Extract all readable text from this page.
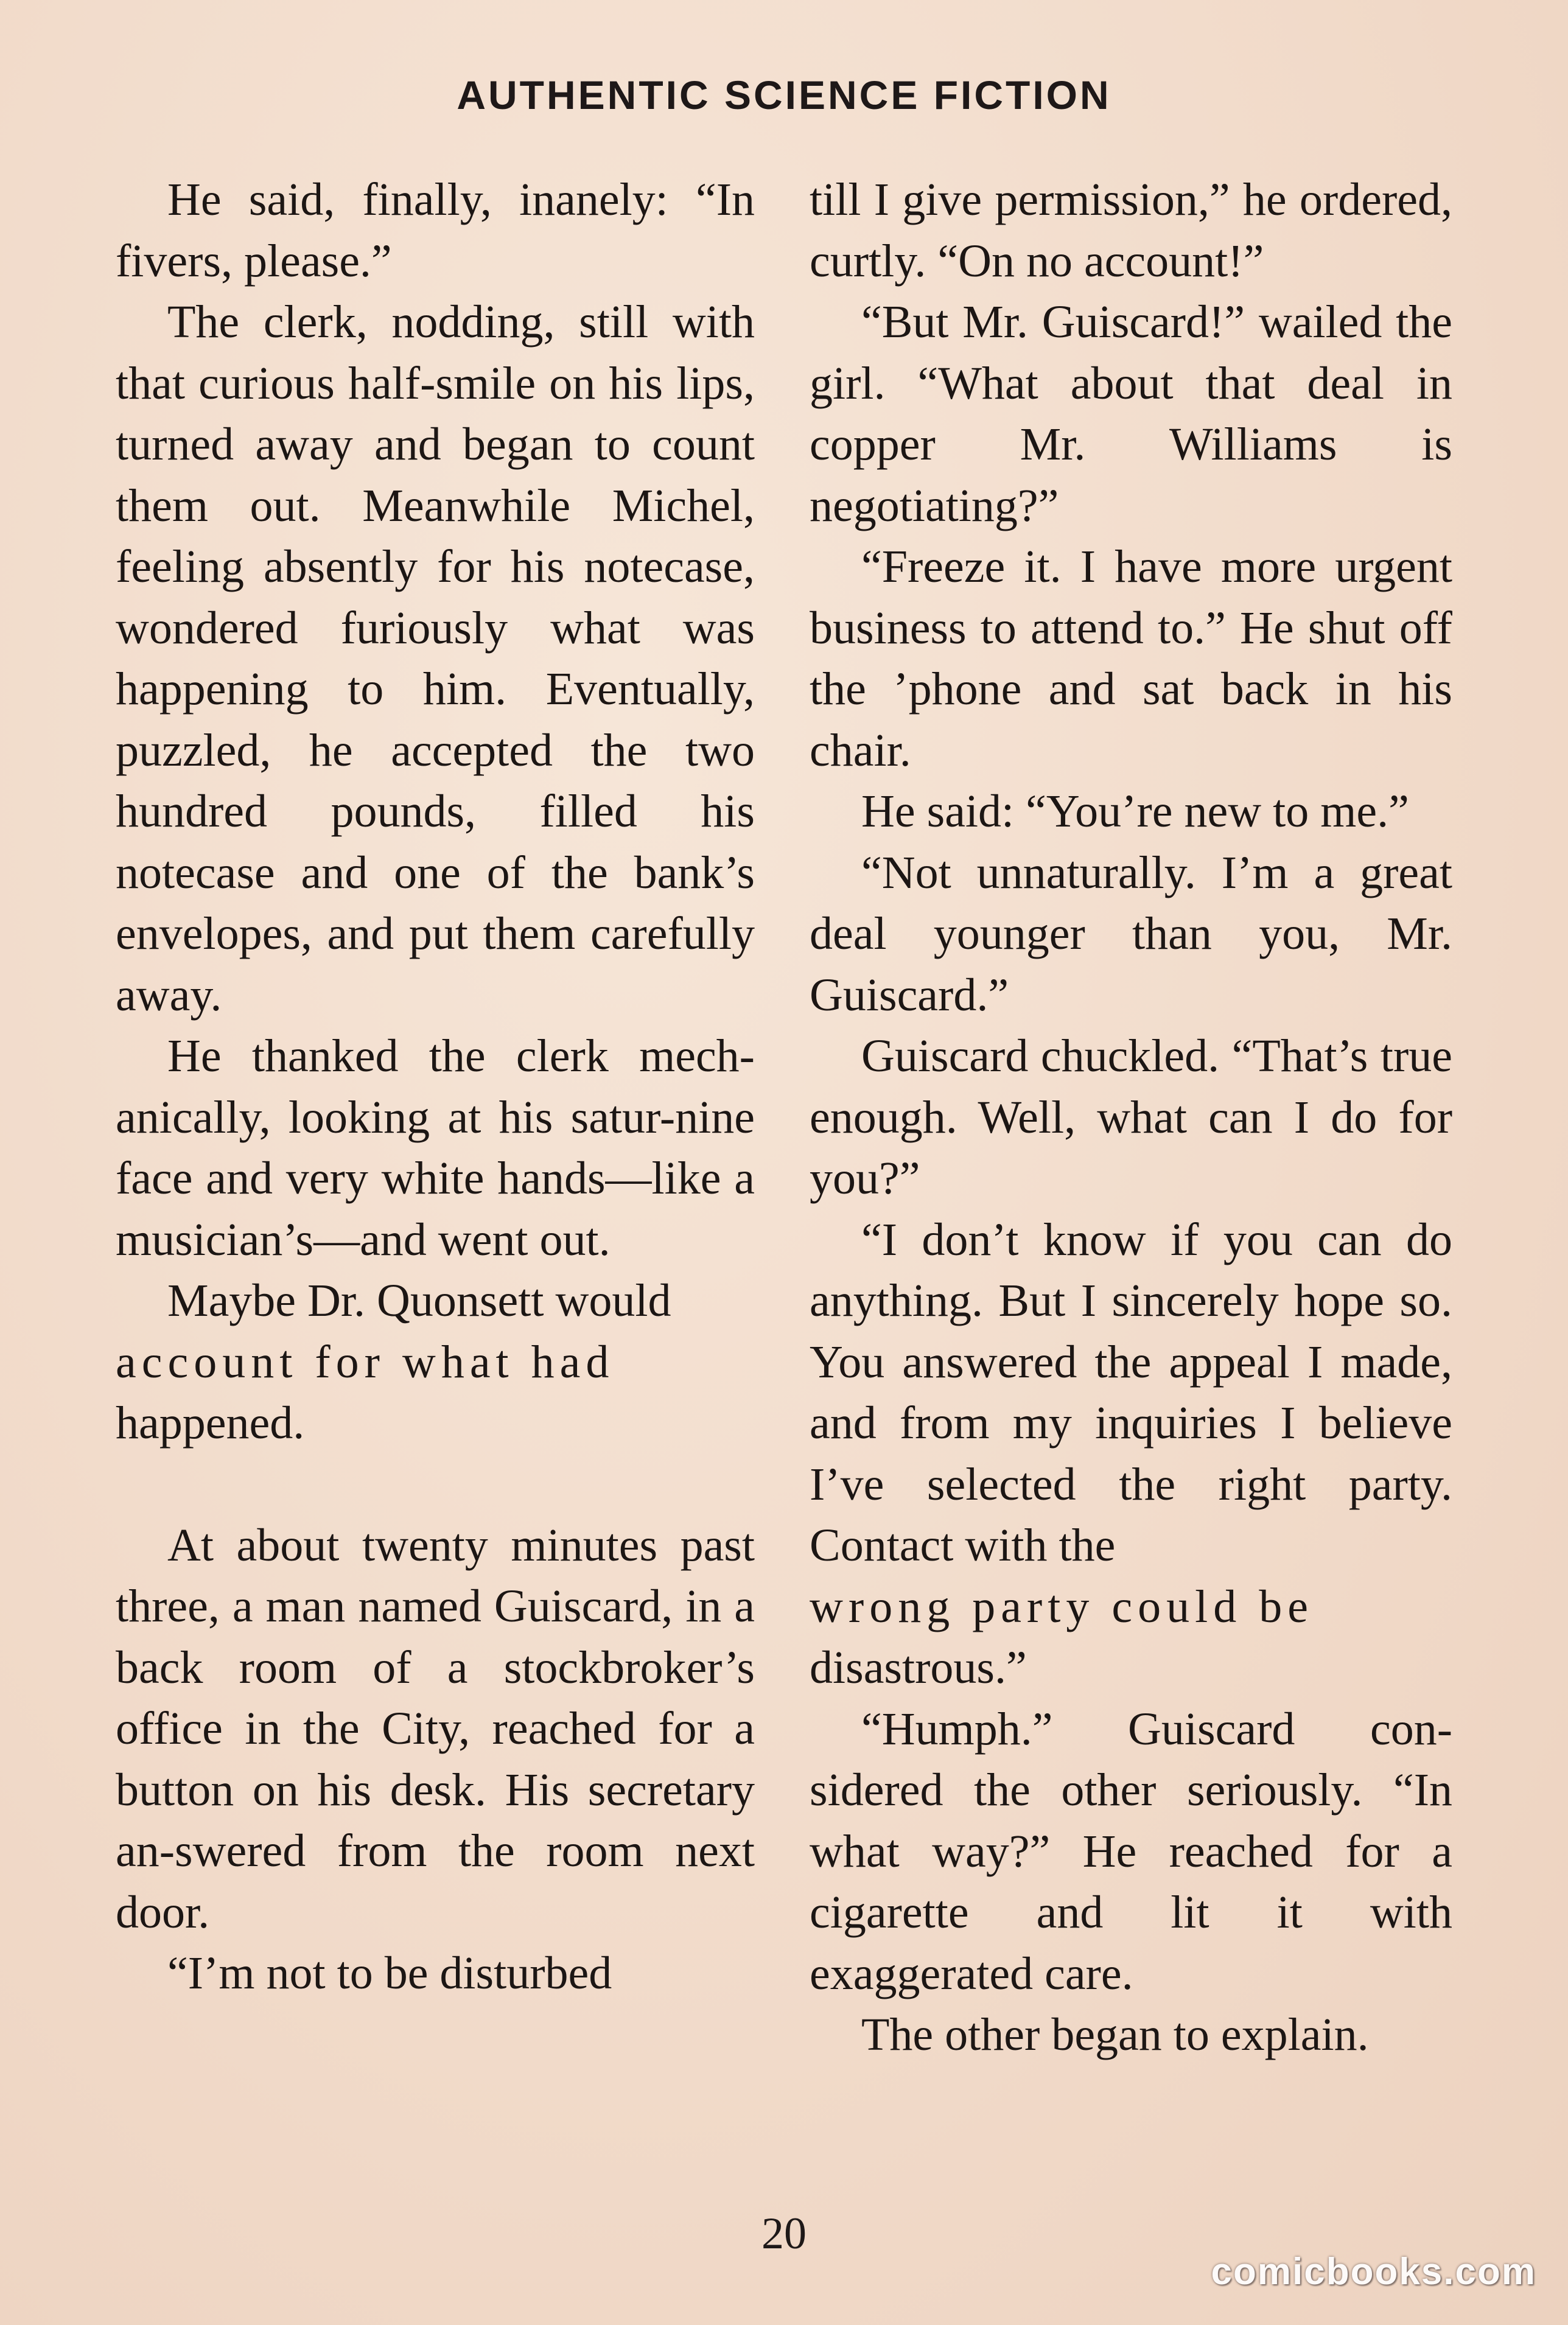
AUTHENTIC SCIENCE FICTION

He said, finally, inanely: “In fivers, please.”

The clerk, nodding, still with that curious half-smile on his lips, turned away and began to count them out. Meanwhile Michel, feeling absently for his notecase, wondered furiously what was happening to him. Eventually, puzzled, he accepted the two hundred pounds, filled his notecase and one of the bank’s envelopes, and put them carefully away.

He thanked the clerk mech-anically, looking at his satur-nine face and very white hands—like a musician’s—and went out.

Maybe Dr. Quonsett would

account for what had

happened.

At about twenty minutes past three, a man named Guiscard, in a back room of a stockbroker’s office in the City, reached for a button on his desk. His secretary an-swered from the room next door.

“I’m not to be disturbed

till I give permission,” he ordered, curtly. “On no account!”

“But Mr. Guiscard!” wailed the girl. “What about that deal in copper Mr. Williams is negotiating?”

“Freeze it. I have more urgent business to attend to.” He shut off the ’phone and sat back in his chair.

He said: “You’re new to me.”

“Not unnaturally. I’m a great deal younger than you, Mr. Guiscard.”

Guiscard chuckled. “That’s true enough. Well, what can I do for you?”

“I don’t know if you can do anything. But I sincerely hope so. You answered the appeal I made, and from my inquiries I believe I’ve selected the right party. Contact with the

wrong party could be

disastrous.”

“Humph.” Guiscard con-sidered the other seriously. “In what way?” He reached for a cigarette and lit it with exaggerated care.

The other began to explain.

20
comicbooks.com
